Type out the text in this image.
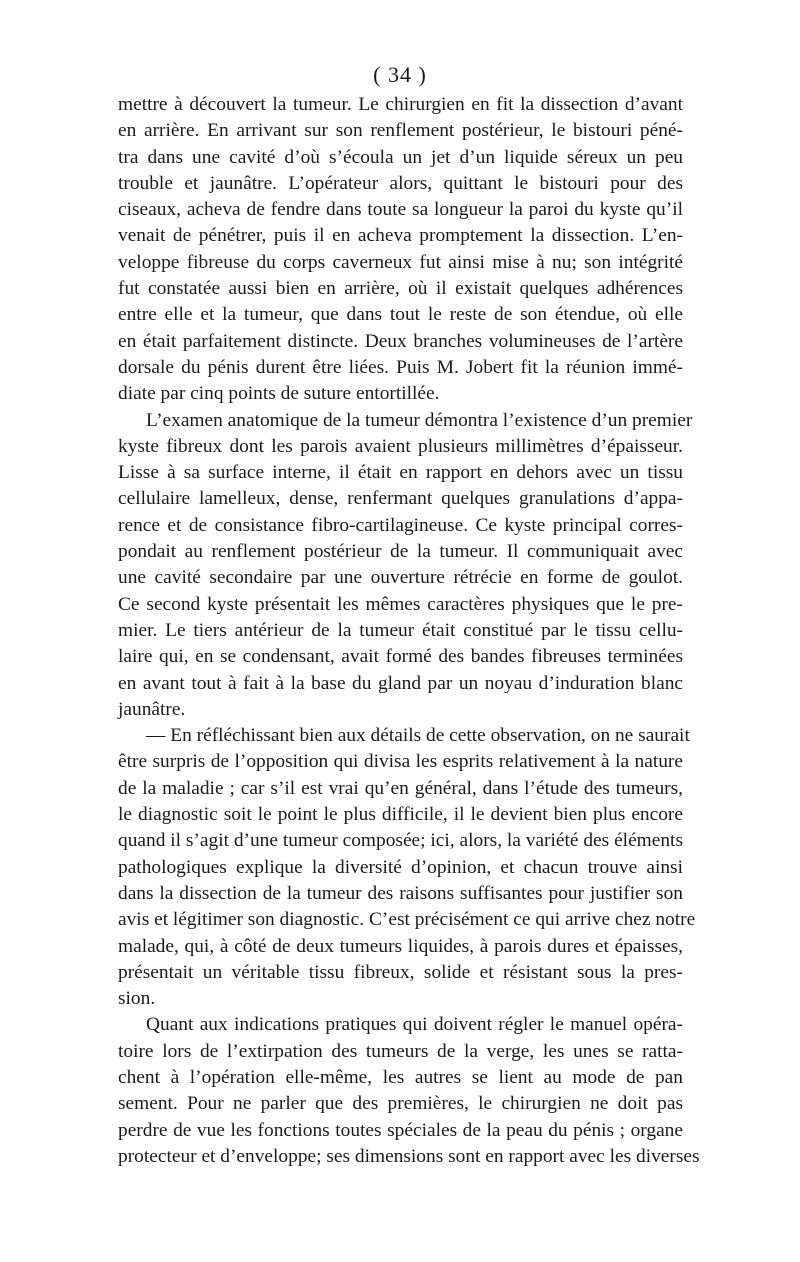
( 34 )
mettre à découvert la tumeur. Le chirurgien en fit la dissection d’avant
en arrière. En arrivant sur son renflement postérieur, le bistouri péné-
tra dans une cavité d’où s’écoula un jet d’un liquide séreux un peu
trouble et jaunâtre. L’opérateur alors, quittant le bistouri pour des
ciseaux, acheva de fendre dans toute sa longueur la paroi du kyste qu’il
venait de pénétrer, puis il en acheva promptement la dissection. L’en-
veloppe fibreuse du corps caverneux fut ainsi mise à nu; son intégrité
fut constatée aussi bien en arrière, où il existait quelques adhérences
entre elle et la tumeur, que dans tout le reste de son étendue, où elle
en était parfaitement distincte. Deux branches volumineuses de l’artère
dorsale du pénis durent être liées. Puis M. Jobert fit la réunion immé-
diate par cinq points de suture entortillée.
L’examen anatomique de la tumeur démontra l’existence d’un premier
kyste fibreux dont les parois avaient plusieurs millimètres d’épaisseur.
Lisse à sa surface interne, il était en rapport en dehors avec un tissu
cellulaire lamelleux, dense, renfermant quelques granulations d’appa-
rence et de consistance fibro-cartilagineuse. Ce kyste principal corres-
pondait au renflement postérieur de la tumeur. Il communiquait avec
une cavité secondaire par une ouverture rétrécie en forme de goulot.
Ce second kyste présentait les mêmes caractères physiques que le pre-
mier. Le tiers antérieur de la tumeur était constitué par le tissu cellu-
laire qui, en se condensant, avait formé des bandes fibreuses terminées
en avant tout à fait à la base du gland par un noyau d’induration blanc
jaunâtre.
— En réfléchissant bien aux détails de cette observation, on ne saurait
être surpris de l’opposition qui divisa les esprits relativement à la nature
de la maladie ; car s’il est vrai qu’en général, dans l’étude des tumeurs,
le diagnostic soit le point le plus difficile, il le devient bien plus encore
quand il s’agit d’une tumeur composée; ici, alors, la variété des éléments
pathologiques explique la diversité d’opinion, et chacun trouve ainsi
dans la dissection de la tumeur des raisons suffisantes pour justifier son
avis et légitimer son diagnostic. C’est précisément ce qui arrive chez notre
malade, qui, à côté de deux tumeurs liquides, à parois dures et épaisses,
présentait un véritable tissu fibreux, solide et résistant sous la pres-
sion.
Quant aux indications pratiques qui doivent régler le manuel opéra-
toire lors de l’extirpation des tumeurs de la verge, les unes se ratta-
chent à l’opération elle-même, les autres se lient au mode de pan
sement. Pour ne parler que des premières, le chirurgien ne doit pas
perdre de vue les fonctions toutes spéciales de la peau du pénis ; organe
protecteur et d’enveloppe; ses dimensions sont en rapport avec les diverses
